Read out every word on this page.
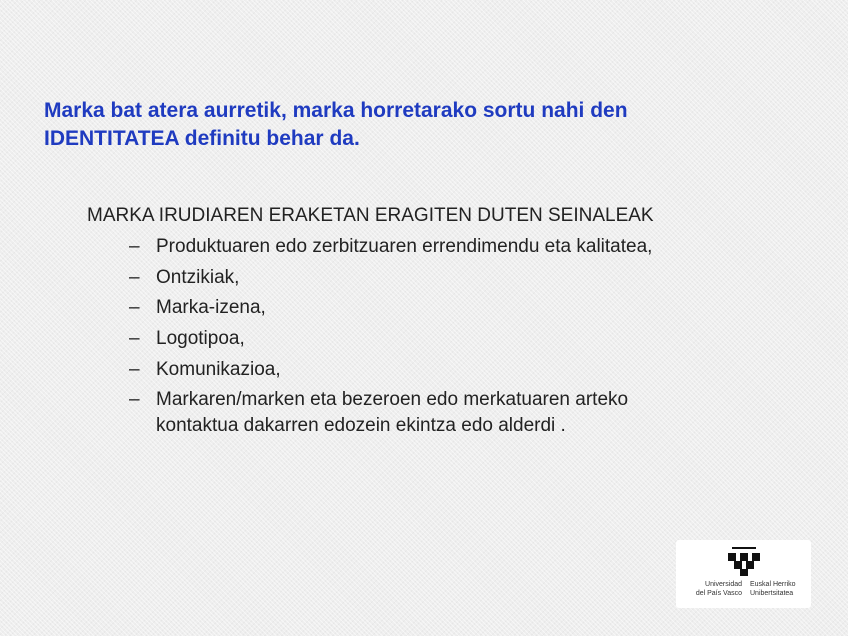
Marka bat atera aurretik, marka horretarako sortu nahi den
IDENTITATEA definitu behar da.

MARKA IRUDIAREN ERAKETAN ERAGITEN DUTEN SEINALEAK

– Produktuaren edo zerbitzuaren errendimendu eta kalitatea,
– Ontzikiak,
– Marka-izena,
– Logotipoa,
– Komunikazioa,
– Markaren/marken eta bezeroen edo merkatuaren arteko
kontaktua dakarren edozein ekintza edo alderdi .
Universidad
del País Vasco
Euskal Herriko
Unibertsitatea
